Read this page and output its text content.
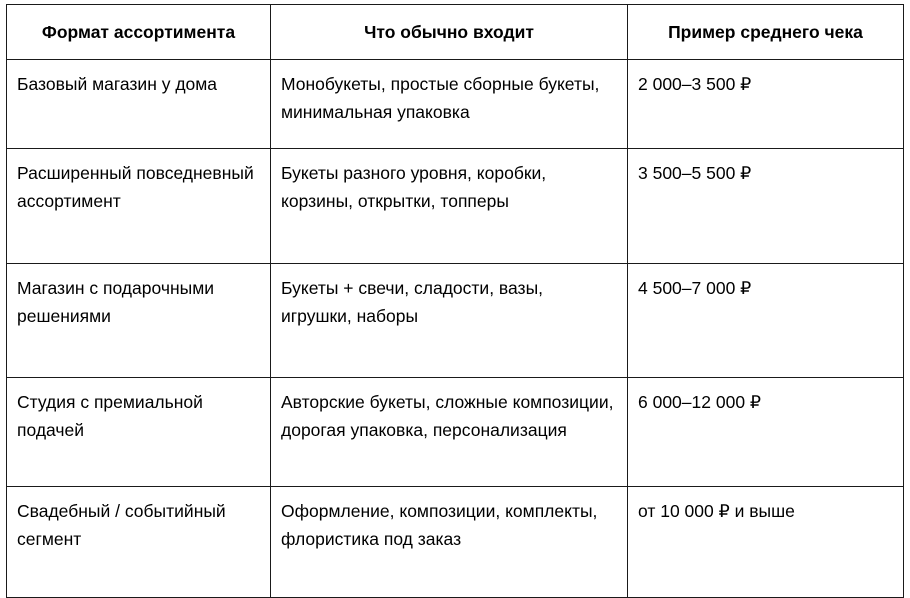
Формат ассортимента	Что обычно входит	Пример среднего чека

Базовый магазин у дома	Монобукеты, простые сборные букеты, минимальная упаковка	2 000–3 500 ₽

Расширенный повседневный ассортимент	Букеты разного уровня, коробки, корзины, открытки, топперы	3 500–5 500 ₽

Магазин с подарочными решениями	Букеты + свечи, сладости, вазы, игрушки, наборы	4 500–7 000 ₽

Студия с премиальной подачей	Авторские букеты, сложные композиции, дорогая упаковка, персонализация	6 000–12 000 ₽

Свадебный / событийный сегмент	Оформление, композиции, комплекты, флористика под заказ	от 10 000 ₽ и выше
